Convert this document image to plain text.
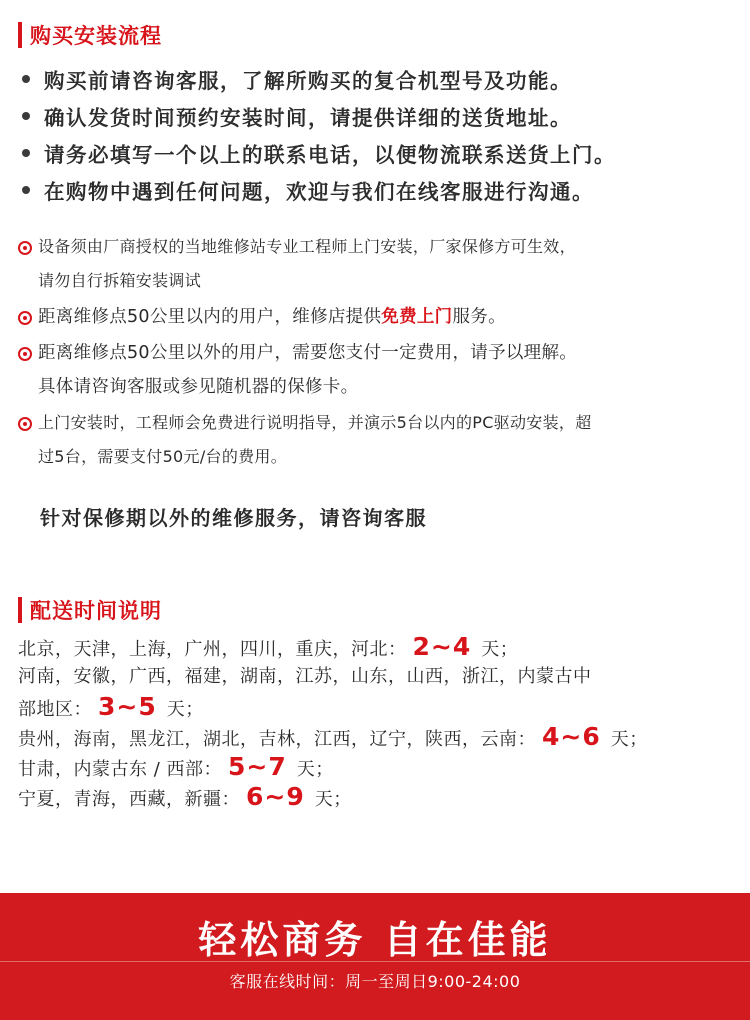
购买安装流程
购买前请咨询客服，了解所购买的复合机型号及功能。
确认发货时间预约安装时间，请提供详细的送货地址。
请务必填写一个以上的联系电话，以便物流联系送货上门。
在购物中遇到任何问题，欢迎与我们在线客服进行沟通。
设备须由厂商授权的当地维修站专业工程师上门安装，厂家保修方可生效，
请勿自行拆箱安装调试
距离维修点50公里以内的用户，维修店提供免费上门服务。
距离维修点50公里以外的用户，需要您支付一定费用，请予以理解。
具体请咨询客服或参见随机器的保修卡。
上门安装时，工程师会免费进行说明指导，并演示5台以内的PC驱动安装，超
过5台，需要支付50元/台的费用。
针对保修期以外的维修服务，请咨询客服
配送时间说明
北京，天津，上海，广州，四川，重庆，河北： 2~4 天；
河南，安徽，广西，福建，湖南，江苏，山东，山西，浙江，内蒙古中
部地区： 3~5 天；
贵州，海南，黑龙江，湖北，吉林，江西，辽宁，陕西，云南： 4~6 天；
甘肃，内蒙古东 / 西部： 5~7 天；
宁夏，青海，西藏，新疆： 6~9 天；
轻松商务 自在佳能
客服在线时间：周一至周日9:00-24:00
